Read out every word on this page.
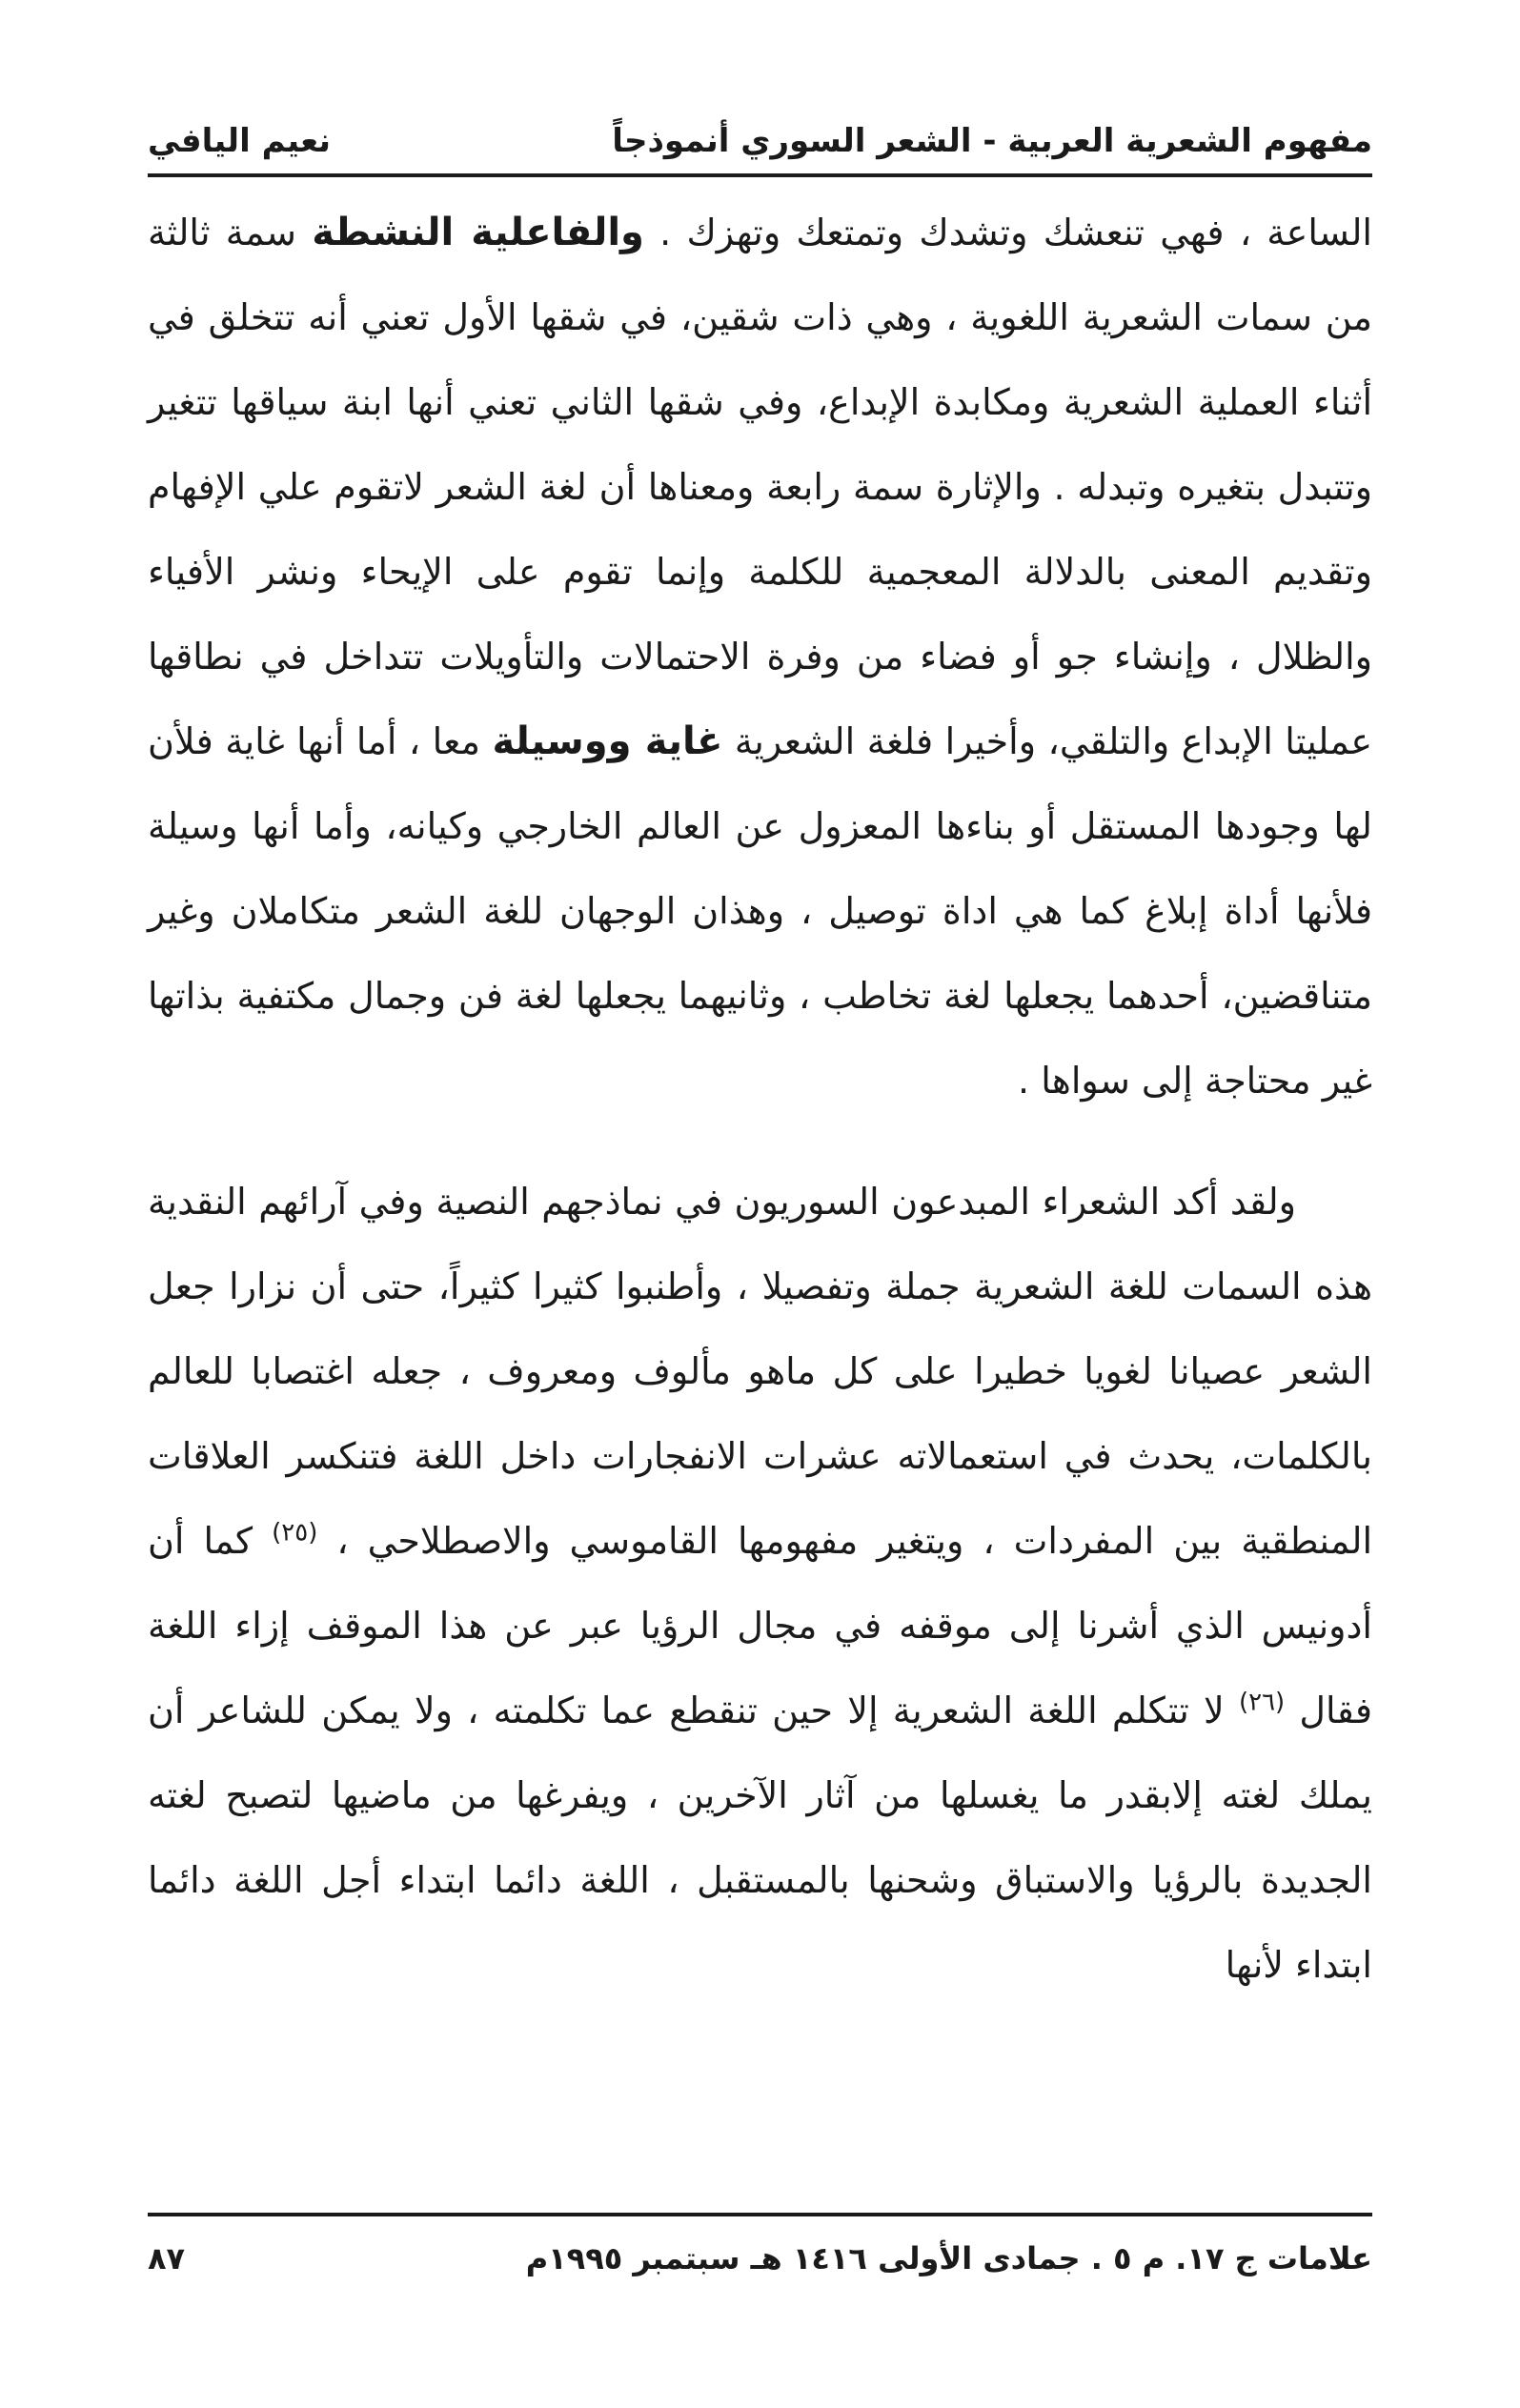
مفهوم الشعرية العربية - الشعر السوري أنموذجاً
نعيم اليافي

الساعة ، فهي تنعشك وتشدك وتمتعك وتهزك . والفاعلية النشطة سمة ثالثة من سمات الشعرية اللغوية ، وهي ذات شقين، في شقها الأول تعني أنه تتخلق في أثناء العملية الشعرية ومكابدة الإبداع، وفي شقها الثاني تعني أنها ابنة سياقها تتغير وتتبدل بتغيره وتبدله . والإثارة سمة رابعة ومعناها أن لغة الشعر لاتقوم علي الإفهام وتقديم المعنى بالدلالة المعجمية للكلمة وإنما تقوم على الإيحاء ونشر الأفياء والظلال ، وإنشاء جو أو فضاء من وفرة الاحتمالات والتأويلات تتداخل في نطاقها عمليتا الإبداع والتلقي، وأخيرا فلغة الشعرية غاية ووسيلة معا ، أما أنها غاية فلأن لها وجودها المستقل أو بناءها المعزول عن العالم الخارجي وكيانه، وأما أنها وسيلة فلأنها أداة إبلاغ كما هي اداة توصيل ، وهذان الوجهان للغة الشعر متكاملان وغير متناقضين، أحدهما يجعلها لغة تخاطب ، وثانيهما يجعلها لغة فن وجمال مكتفية بذاتها غير محتاجة إلى سواها .

ولقد أكد الشعراء المبدعون السوريون في نماذجهم النصية وفي آرائهم النقدية هذه السمات للغة الشعرية جملة وتفصيلا ، وأطنبوا كثيرا كثيراً، حتى أن نزارا جعل الشعر عصيانا لغويا خطيرا على كل ماهو مألوف ومعروف ، جعله اغتصابا للعالم بالكلمات، يحدث في استعمالاته عشرات الانفجارات داخل اللغة فتنكسر العلاقات المنطقية بين المفردات ، ويتغير مفهومها القاموسي والاصطلاحي ، $^{(٢٥)}$ كما أن أدونيس الذي أشرنا إلى موقفه في مجال الرؤيا عبر عن هذا الموقف إزاء اللغة فقال $^{(٢٦)}$ لا تتكلم اللغة الشعرية إلا حين تنقطع عما تكلمته ، ولا يمكن للشاعر أن يملك لغته إلابقدر ما يغسلها من آثار الآخرين ، ويفرغها من ماضيها لتصبح لغته الجديدة بالرؤيا والاستباق وشحنها بالمستقبل ، اللغة دائما ابتداء أجل اللغة دائما ابتداء لأنها

علامات ج ١٧. م ٥ . جمادى الأولى ١٤١٦ هـ سبتمبر ١٩٩٥م
٨٧
